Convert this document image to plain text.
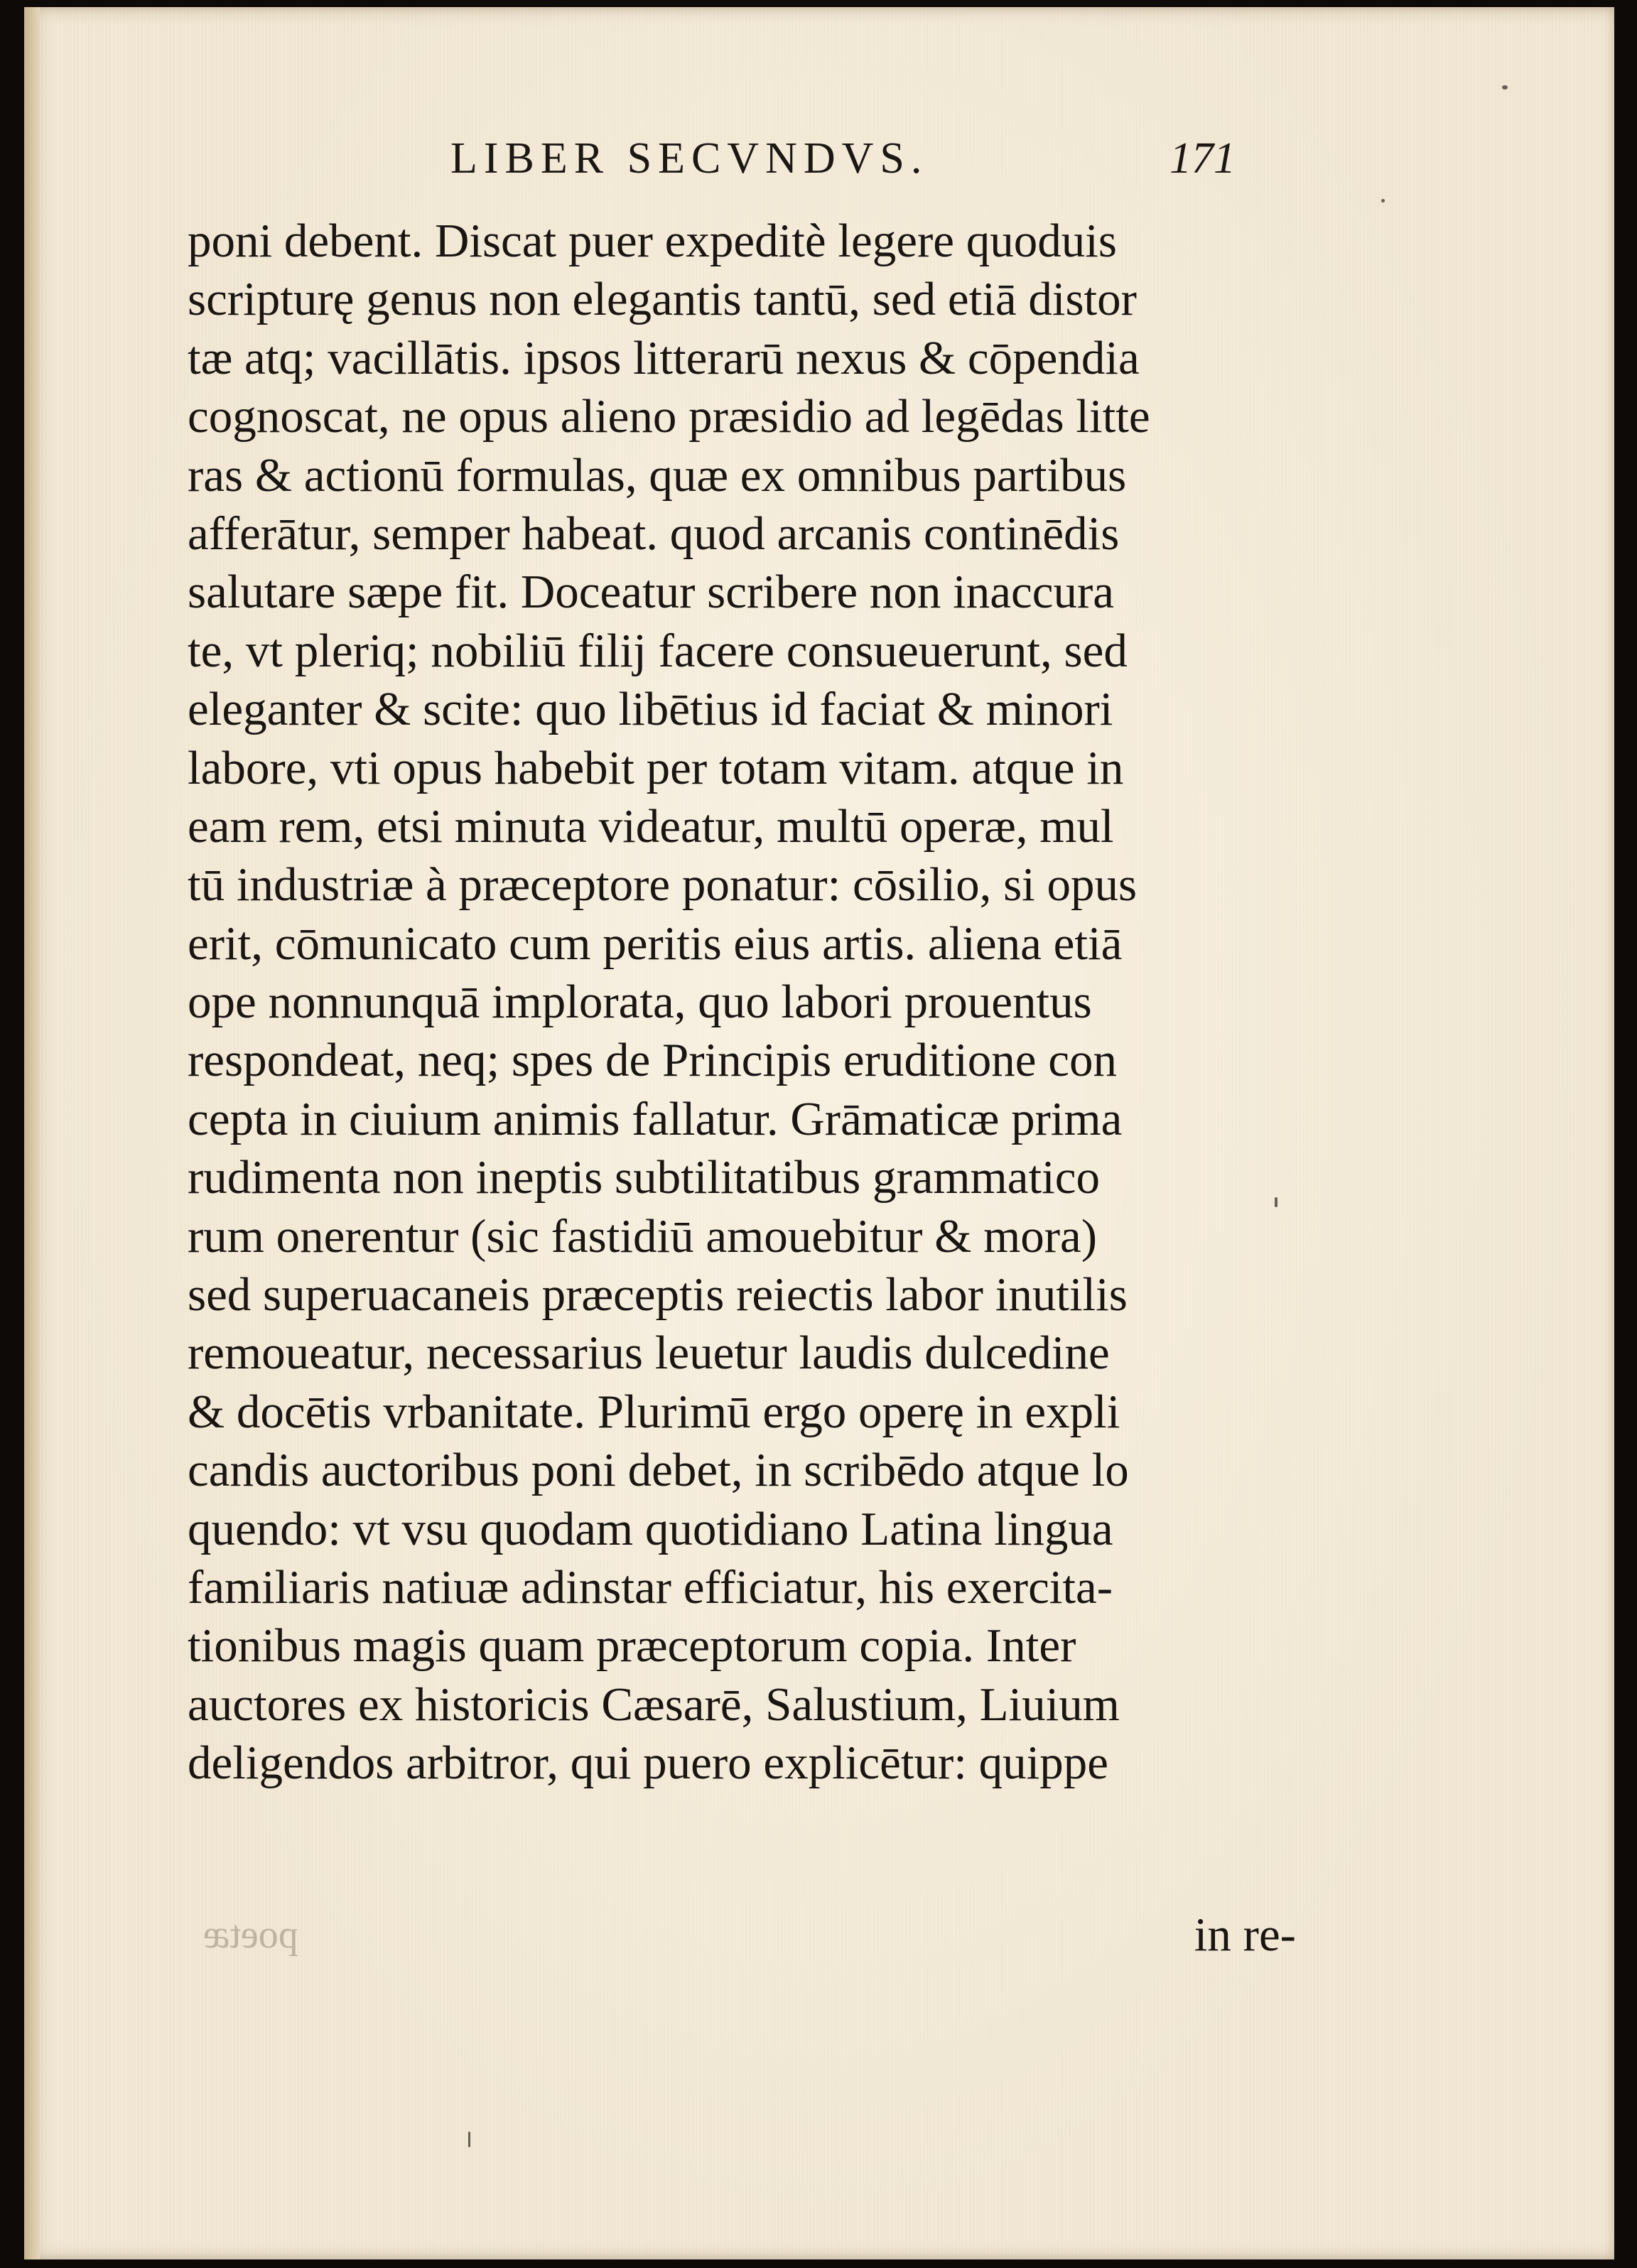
LIBER SECVNDVS.	171
poni debent. Discat puer expeditè legere quoduis
scripturę genus non elegantis tantū, sed etiā distor
tæ atq; vacillātis. ipsos litterarū nexus & cōpendia
cognoscat, ne opus alieno præsidio ad legēdas litte
ras & actionū formulas, quæ ex omnibus partibus
afferātur, semper habeat. quod arcanis continēdis
salutare sæpe fit. Doceatur scribere non inaccura
te, vt pleriq; nobiliū filij facere consueuerunt, sed
eleganter & scite: quo libētius id faciat & minori
labore, vti opus habebit per totam vitam. atque in
eam rem, etsi minuta videatur, multū operæ, mul
tū industriæ à præceptore ponatur: cōsilio, si opus
erit, cōmunicato cum peritis eius artis. aliena etiā
ope nonnunquā implorata, quo labori prouentus
respondeat, neq; spes de Principis eruditione con
cepta in ciuium animis fallatur. Grāmaticæ prima
rudimenta non ineptis subtilitatibus grammatico
rum onerentur (sic fastidiū amouebitur & mora)
sed superuacaneis præceptis reiectis labor inutilis
remoueatur, necessarius leuetur laudis dulcedine
& docētis vrbanitate. Plurimū ergo operę in expli
candis auctoribus poni debet, in scribēdo atque lo
quendo: vt vsu quodam quotidiano Latina lingua
familiaris natiuæ adinstar efficiatur, his exercita-
tionibus magis quam præceptorum copia. Inter
auctores ex historicis Cæsarē, Salustium, Liuium
deligendos arbitror, qui puero explicētur: quippe
poetæ	in re-
